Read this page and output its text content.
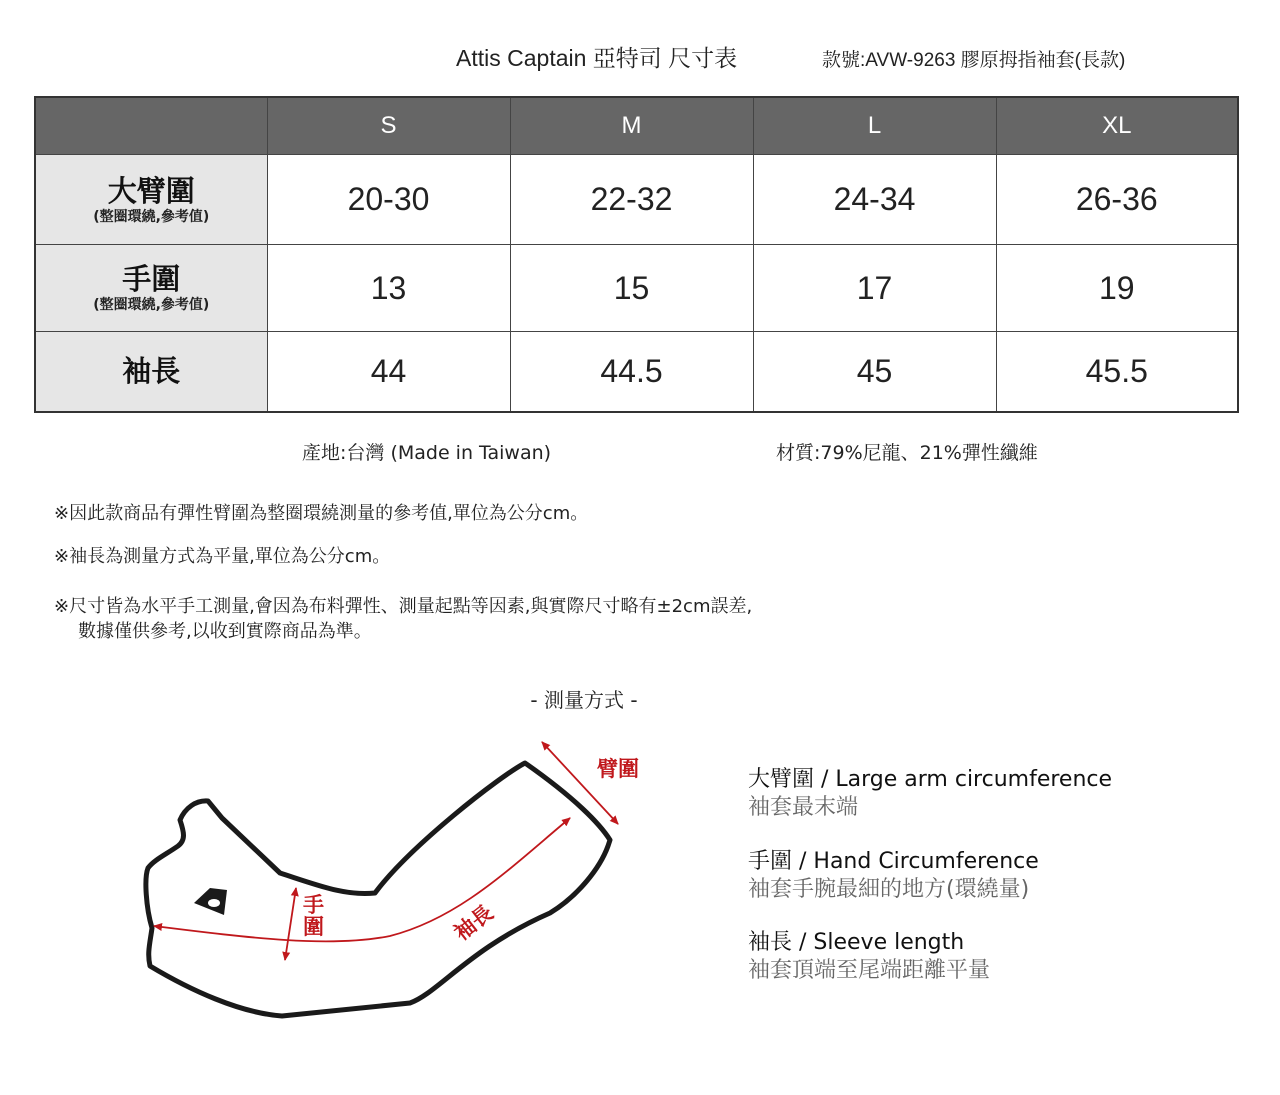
Attis Captain 亞特司 尺寸表	款號:AVW-9263 膠原拇指袖套(長款)
	S	M	L	XL

大臂圍
(整圈環繞,參考值)	20-30	22-32	24-34	26-36

手圍
(整圈環繞,參考值)	13	15	17	19

袖長	44	44.5	45	45.5
產地:台灣 (Made in Taiwan)	材質:79%尼龍、21%彈性纖維
※因此款商品有彈性臂圍為整圈環繞測量的參考值,單位為公分cm。
※袖長為測量方式為平量,單位為公分cm。
※尺寸皆為水平手工測量,會因為布料彈性、測量起點等因素,與實際尺寸略有±2cm誤差,
數據僅供參考,以收到實際商品為準。
- 測量方式 -
臂圍
手
圍	袖長
大臂圍 / Large arm circumference
袖套最末端
手圍 / Hand Circumference
袖套手腕最細的地方(環繞量)
袖長 / Sleeve length
袖套頂端至尾端距離平量
